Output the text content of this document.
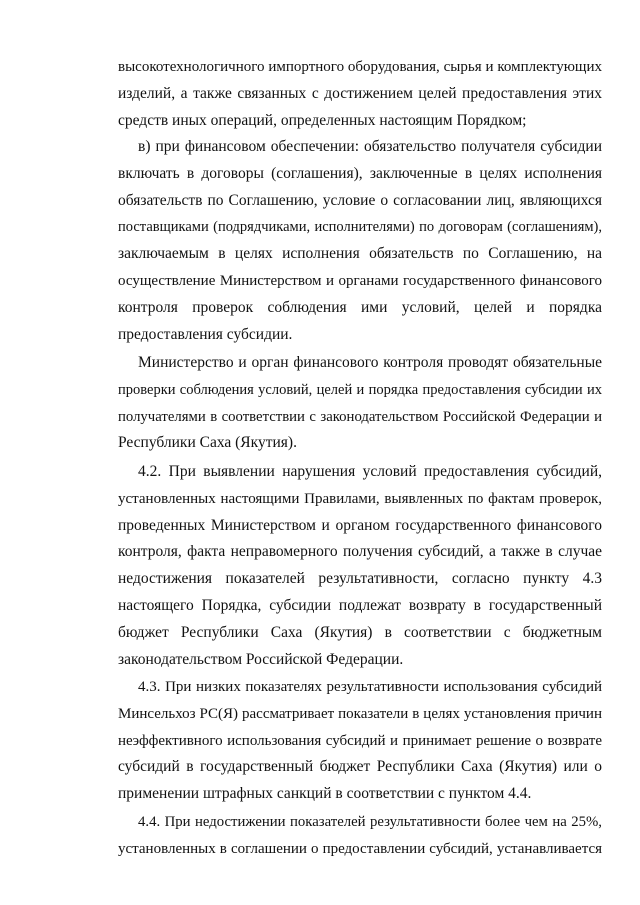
высокотехнологичного импортного оборудования, сырья и комплектующих
изделий, а также связанных с достижением целей предоставления этих
средств иных операций, определенных настоящим Порядком;
в) при финансовом обеспечении: обязательство получателя субсидии
включать в договоры (соглашения), заключенные в целях исполнения
обязательств по Соглашению, условие о согласовании лиц, являющихся
поставщиками (подрядчиками, исполнителями) по договорам (соглашениям),
заключаемым в целях исполнения обязательств по Соглашению, на
осуществление Министерством и органами государственного финансового
контроля проверок соблюдения ими условий, целей и порядка
предоставления субсидии.
Министерство и орган финансового контроля проводят обязательные
проверки соблюдения условий, целей и порядка предоставления субсидии их
получателями в соответствии с законодательством Российской Федерации и
Республики Саха (Якутия).
4.2. При выявлении нарушения условий предоставления субсидий,
установленных настоящими Правилами, выявленных по фактам проверок,
проведенных Министерством и органом государственного финансового
контроля, факта неправомерного получения субсидий, а также в случае
недостижения показателей результативности, согласно пункту 4.3
настоящего Порядка, субсидии подлежат возврату в государственный
бюджет Республики Саха (Якутия) в соответствии с бюджетным
законодательством Российской Федерации.
4.3. При низких показателях результативности использования субсидий
Минсельхоз РС(Я) рассматривает показатели в целях установления причин
неэффективного использования субсидий и принимает решение о возврате
субсидий в государственный бюджет Республики Саха (Якутия) или о
применении штрафных санкций в соответствии с пунктом 4.4.
4.4. При недостижении показателей результативности более чем на 25%,
установленных в соглашении о предоставлении субсидий, устанавливается
